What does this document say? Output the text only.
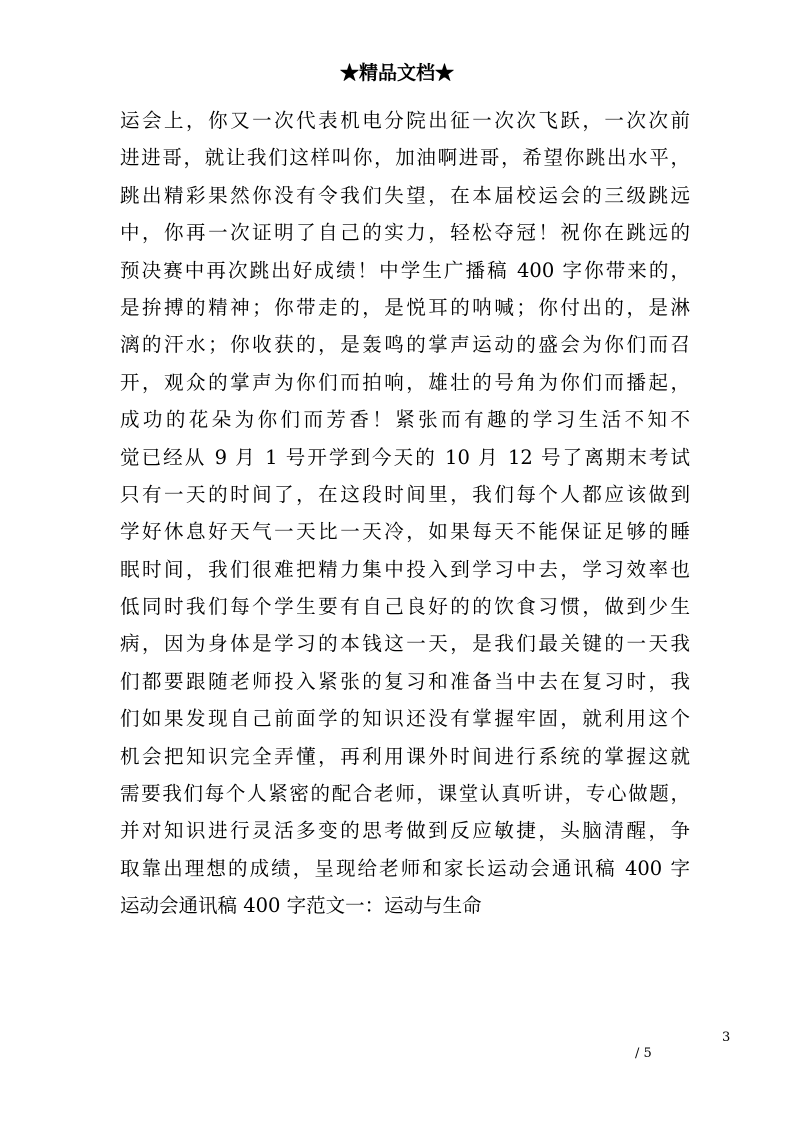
★精品文档★
运会上，你又一次代表机电分院出征一次次飞跃，一次次前
进进哥，就让我们这样叫你，加油啊进哥，希望你跳出水平，
跳出精彩果然你没有令我们失望，在本届校运会的三级跳远
中，你再一次证明了自己的实力，轻松夺冠！祝你在跳远的
预决赛中再次跳出好成绩！中学生广播稿 400 字你带来的，
是拚搏的精神；你带走的，是悦耳的呐喊；你付出的，是淋
漓的汗水；你收获的，是轰鸣的掌声运动的盛会为你们而召
开，观众的掌声为你们而拍响，雄壮的号角为你们而播起，
成功的花朵为你们而芳香！紧张而有趣的学习生活不知不
觉已经从 9 月 1 号开学到今天的 10 月 12 号了离期末考试
只有一天的时间了，在这段时间里，我们每个人都应该做到
学好休息好天气一天比一天冷，如果每天不能保证足够的睡
眠时间，我们很难把精力集中投入到学习中去，学习效率也
低同时我们每个学生要有自己良好的的饮食习惯，做到少生
病，因为身体是学习的本钱这一天，是我们最关键的一天我
们都要跟随老师投入紧张的复习和准备当中去在复习时，我
们如果发现自己前面学的知识还没有掌握牢固，就利用这个
机会把知识完全弄懂，再利用课外时间进行系统的掌握这就
需要我们每个人紧密的配合老师，课堂认真听讲，专心做题，
并对知识进行灵活多变的思考做到反应敏捷，头脑清醒，争
取靠出理想的成绩，呈现给老师和家长运动会通讯稿 400 字
运动会通讯稿 400 字范文一：运动与生命
3
/ 5
